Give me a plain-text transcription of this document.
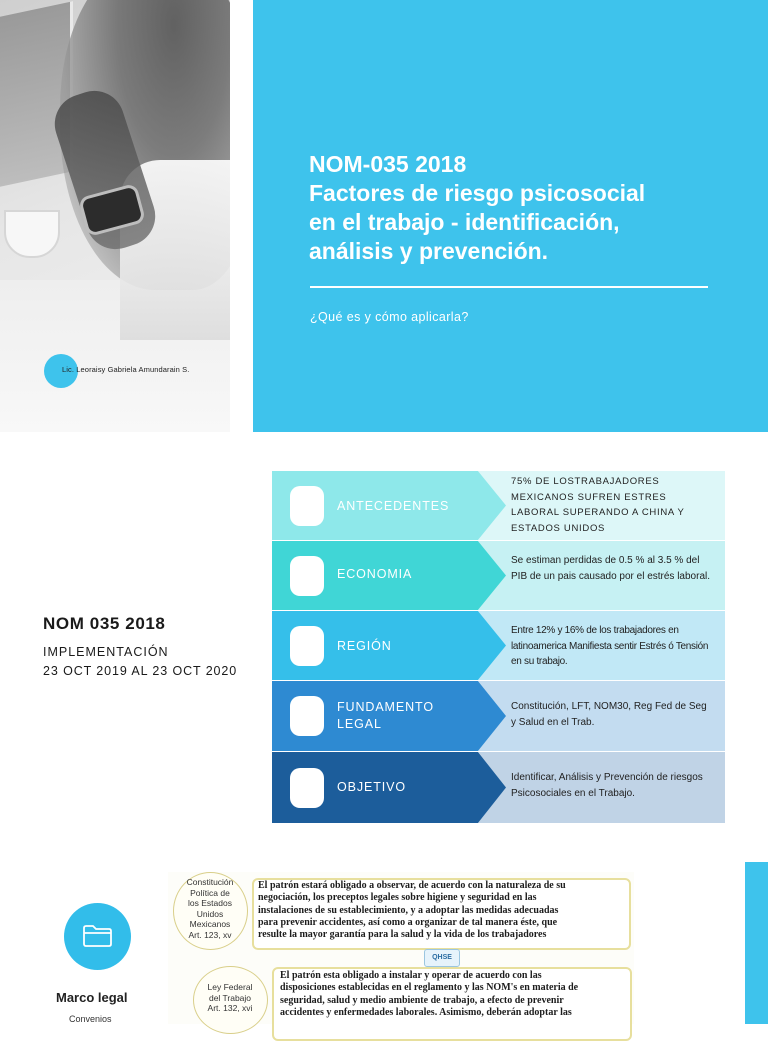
Lic. Leoraisy Gabriela Amundarain S.
NOM-035 2018
Factores de riesgo psicosocial
en el trabajo - identificación,
análisis y prevención.
¿Qué es y cómo aplicarla?
NOM 035 2018
IMPLEMENTACIÓN
23 OCT 2019 AL 23 OCT 2020
ANTECEDENTES
75% DE LOSTRABAJADORES MEXICANOS SUFREN ESTRES LABORAL SUPERANDO A CHINA Y ESTADOS UNIDOS
ECONOMIA
Se estiman perdidas de 0.5 % al 3.5 % del PIB de un pais causado por el estrés laboral.
REGIÓN
Entre 12% y 16% de los trabajadores en latinoamerica Manifiesta sentir Estrés ó Tensión en su trabajo.
FUNDAMENTO
LEGAL
Constitución, LFT, NOM30, Reg Fed de Seg y Salud en el Trab.
OBJETIVO
Identificar, Análisis y Prevención de riesgos Psicosociales en el Trabajo.
Marco legal
Convenios
Constitución
Política de
los Estados
Unidos
Mexicanos
Art. 123, xv
El patrón estará obligado a observar, de acuerdo con la naturaleza de su
negociación, los preceptos legales sobre higiene y seguridad en las
instalaciones de su establecimiento, y a adoptar las medidas adecuadas
para prevenir accidentes, así como a organizar de tal manera éste, que
resulte la mayor garantía para la salud y la vida de los trabajadores
QHSE
Ley Federal
del Trabajo
Art. 132, xvi
El patrón esta obligado a instalar y operar de acuerdo con las
disposiciones establecidas en el reglamento y las NOM's en materia de
seguridad, salud y medio ambiente de trabajo, a efecto de prevenir
accidentes y enfermedades laborales. Asimismo, deberán adoptar las
